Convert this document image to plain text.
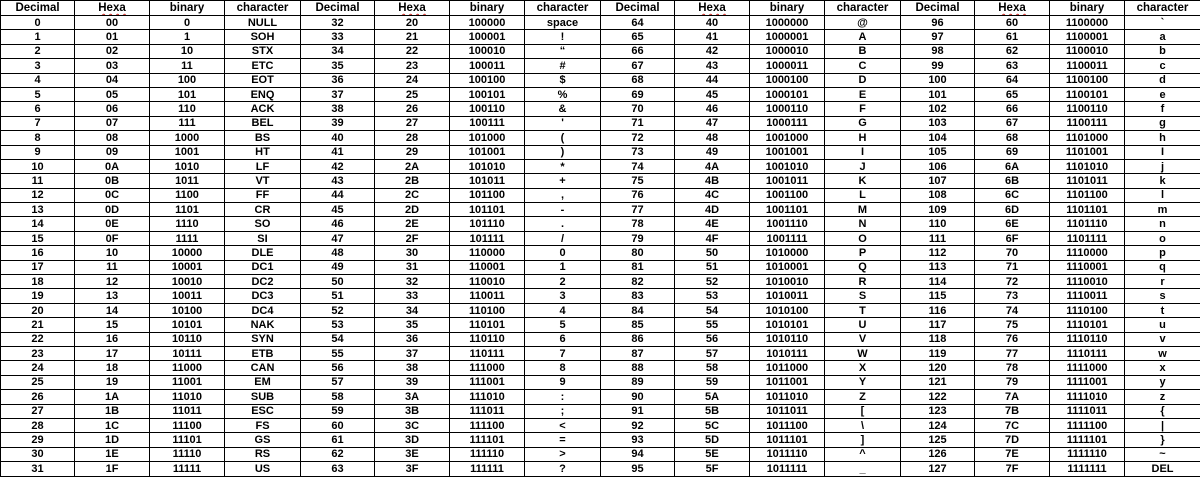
Decimal	Hexa	binary	character	Decimal	Hexa	binary	character	Decimal	Hexa	binary	character	Decimal	Hexa	binary	character
0	00	0	NULL	32	20	100000	space	64	40	1000000	@	96	60	1100000	`
1	01	1	SOH	33	21	100001	!	65	41	1000001	A	97	61	1100001	a
2	02	10	STX	34	22	100010	“	66	42	1000010	B	98	62	1100010	b
3	03	11	ETC	35	23	100011	#	67	43	1000011	C	99	63	1100011	c
4	04	100	EOT	36	24	100100	$	68	44	1000100	D	100	64	1100100	d
5	05	101	ENQ	37	25	100101	%	69	45	1000101	E	101	65	1100101	e
6	06	110	ACK	38	26	100110	&	70	46	1000110	F	102	66	1100110	f
7	07	111	BEL	39	27	100111	'	71	47	1000111	G	103	67	1100111	g
8	08	1000	BS	40	28	101000	(	72	48	1001000	H	104	68	1101000	h
9	09	1001	HT	41	29	101001	)	73	49	1001001	I	105	69	1101001	I
10	0A	1010	LF	42	2A	101010	*	74	4A	1001010	J	106	6A	1101010	j
11	0B	1011	VT	43	2B	101011	+	75	4B	1001011	K	107	6B	1101011	k
12	0C	1100	FF	44	2C	101100	,	76	4C	1001100	L	108	6C	1101100	l
13	0D	1101	CR	45	2D	101101	-	77	4D	1001101	M	109	6D	1101101	m
14	0E	1110	SO	46	2E	101110	.	78	4E	1001110	N	110	6E	1101110	n
15	0F	1111	SI	47	2F	101111	/	79	4F	1001111	O	111	6F	1101111	o
16	10	10000	DLE	48	30	110000	0	80	50	1010000	P	112	70	1110000	p
17	11	10001	DC1	49	31	110001	1	81	51	1010001	Q	113	71	1110001	q
18	12	10010	DC2	50	32	110010	2	82	52	1010010	R	114	72	1110010	r
19	13	10011	DC3	51	33	110011	3	83	53	1010011	S	115	73	1110011	s
20	14	10100	DC4	52	34	110100	4	84	54	1010100	T	116	74	1110100	t
21	15	10101	NAK	53	35	110101	5	85	55	1010101	U	117	75	1110101	u
22	16	10110	SYN	54	36	110110	6	86	56	1010110	V	118	76	1110110	v
23	17	10111	ETB	55	37	110111	7	87	57	1010111	W	119	77	1110111	w
24	18	11000	CAN	56	38	111000	8	88	58	1011000	X	120	78	1111000	x
25	19	11001	EM	57	39	111001	9	89	59	1011001	Y	121	79	1111001	y
26	1A	11010	SUB	58	3A	111010	:	90	5A	1011010	Z	122	7A	1111010	z
27	1B	11011	ESC	59	3B	111011	;	91	5B	1011011	[	123	7B	1111011	{
28	1C	11100	FS	60	3C	111100	<	92	5C	1011100	\	124	7C	1111100	|
29	1D	11101	GS	61	3D	111101	=	93	5D	1011101	]	125	7D	1111101	}
30	1E	11110	RS	62	3E	111110	>	94	5E	1011110	^	126	7E	1111110	~
31	1F	11111	US	63	3F	111111	?	95	5F	1011111	_	127	7F	1111111	DEL
